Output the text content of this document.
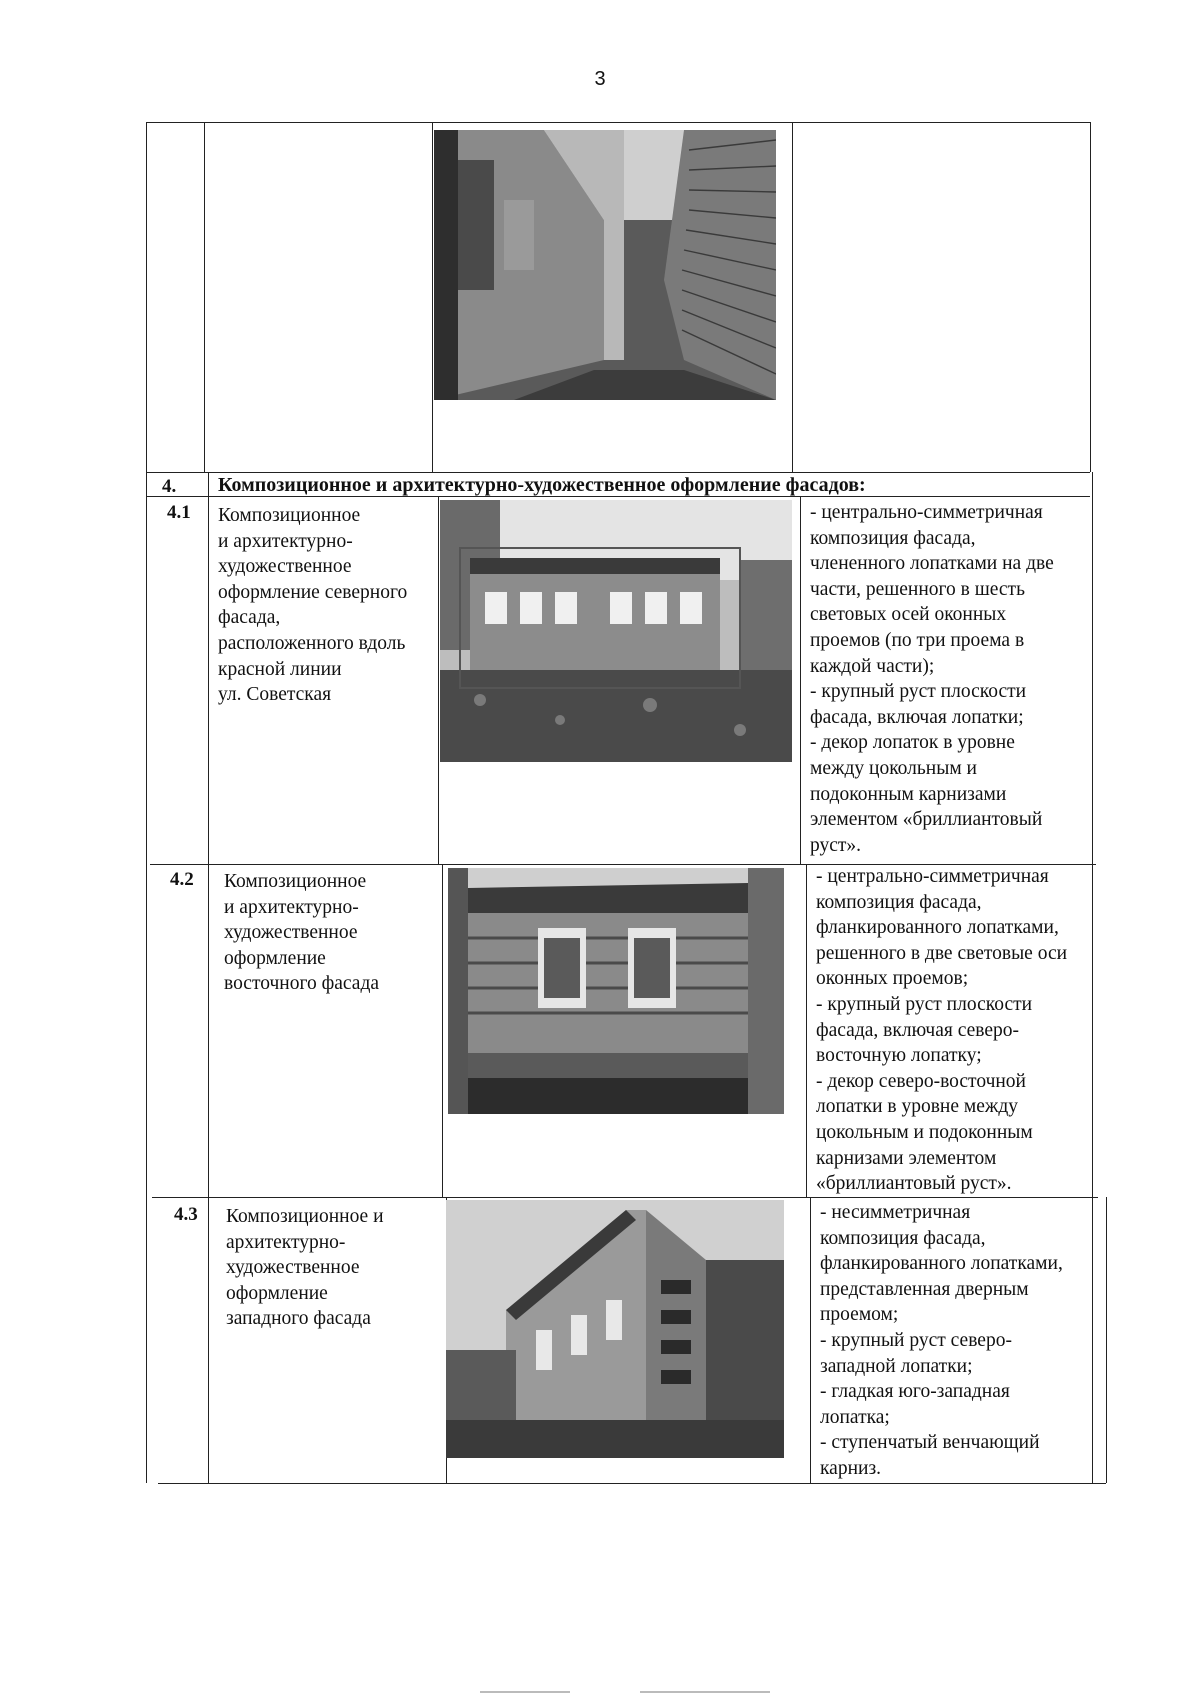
3
4. Композиционное и архитектурно-художественное оформление фасадов:
4.1 Композиционное
и архитектурно-
художественное
оформление северного
фасада,
расположенного вдоль
красной линии
ул. Советская
- центрально-симметричная
композиция фасада,
члененного лопатками на две
части, решенного в шесть
световых осей оконных
проемов (по три проема в
каждой части);
- крупный руст плоскости
фасада, включая лопатки;
- декор лопаток в уровне
между цокольным и
подоконным карнизами
элементом «бриллиантовый
руст».
4.2 Композиционное
и архитектурно-
художественное
оформление
восточного фасада
- центрально-симметричная
композиция фасада,
фланкированного лопатками,
решенного в две световые оси
оконных проемов;
- крупный руст плоскости
фасада, включая северо-
восточную лопатку;
- декор северо-восточной
лопатки в уровне между
цокольным и подоконным
карнизами элементом
«бриллиантовый руст».
4.3 Композиционное и
архитектурно-
художественное
оформление
западного фасада
- несимметричная
композиция фасада,
фланкированного лопатками,
представленная дверным
проемом;
- крупный руст северо-
западной лопатки;
- гладкая юго-западная
лопатка;
- ступенчатый венчающий
карниз.
